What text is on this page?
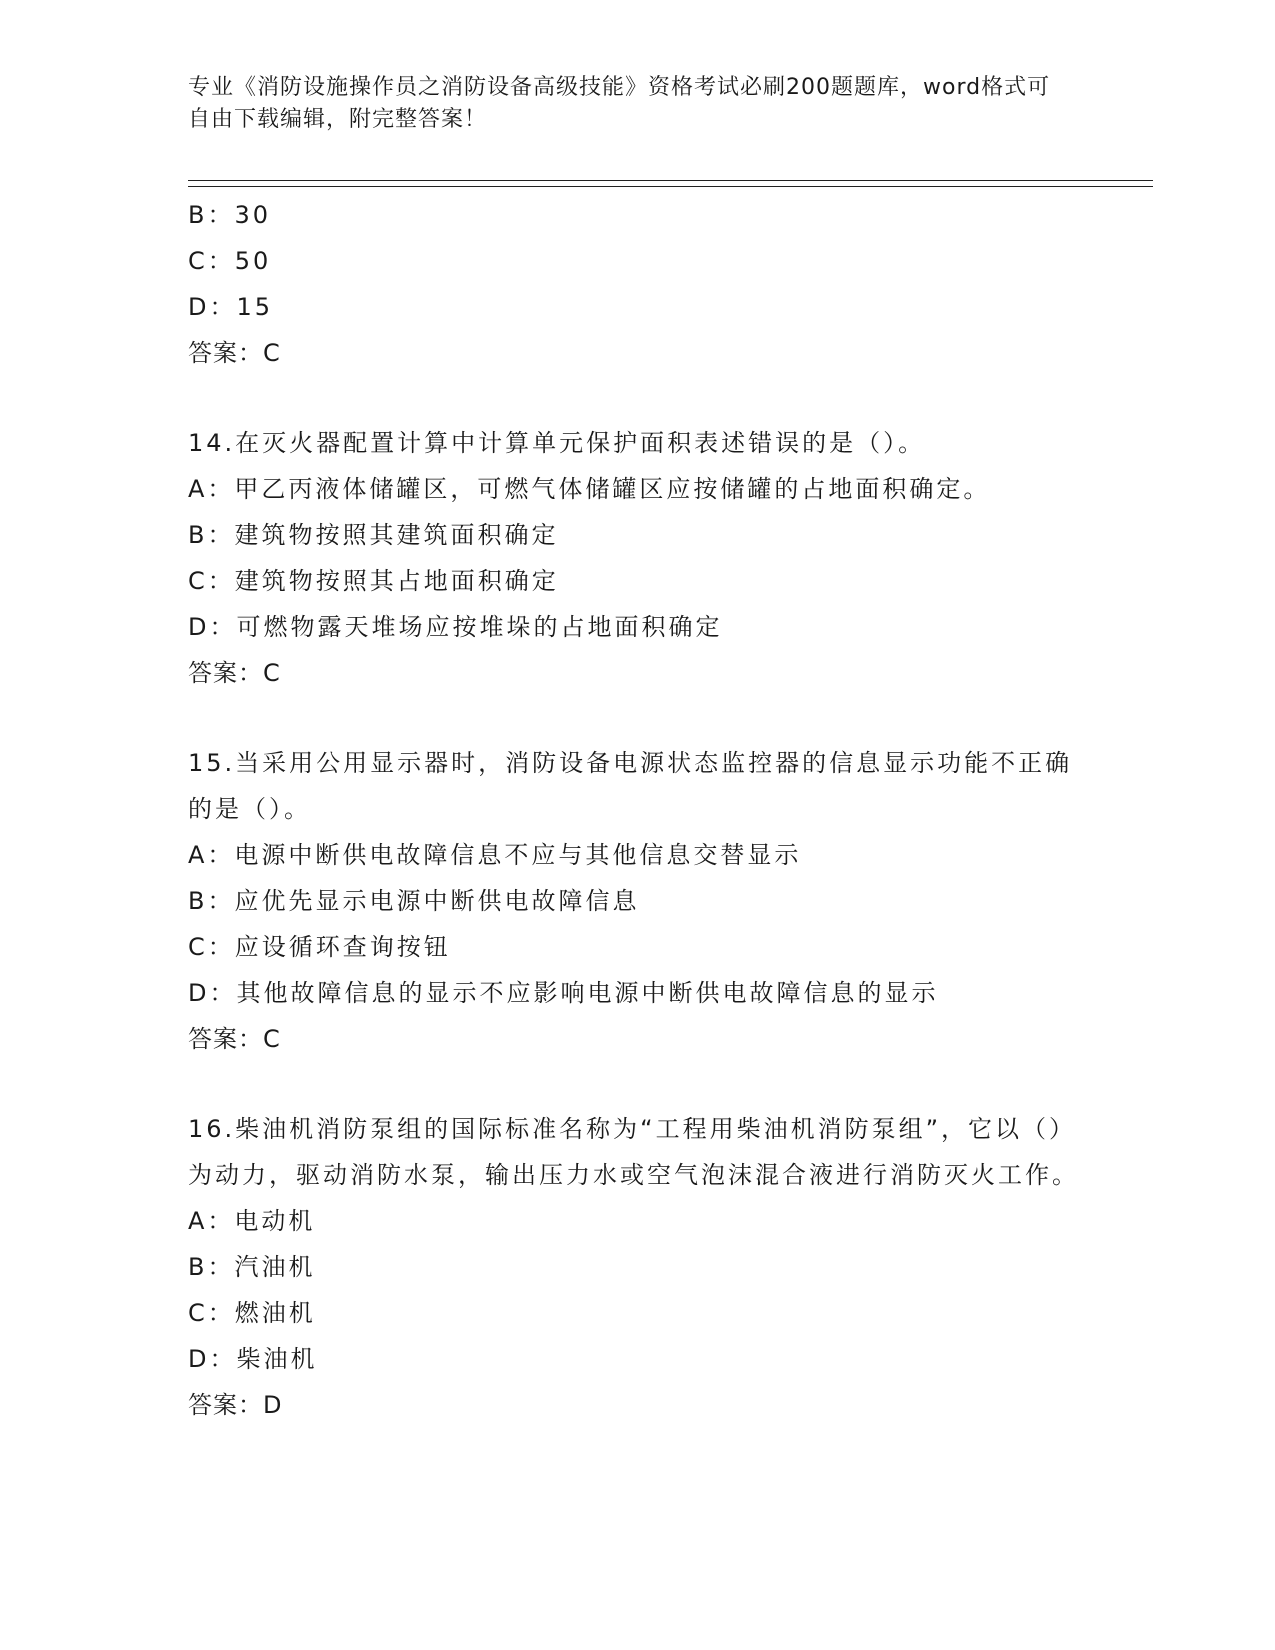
专业《消防设施操作员之消防设备高级技能》资格考试必刷200题题库，word格式可自由下载编辑，附完整答案！
B：30
C：50
D：15
答案：C
14.在灭火器配置计算中计算单元保护面积表述错误的是（）。
A：甲乙丙液体储罐区，可燃气体储罐区应按储罐的占地面积确定。
B：建筑物按照其建筑面积确定
C：建筑物按照其占地面积确定
D：可燃物露天堆场应按堆垛的占地面积确定
答案：C
15.当采用公用显示器时，消防设备电源状态监控器的信息显示功能不正确的是（）。
A：电源中断供电故障信息不应与其他信息交替显示
B：应优先显示电源中断供电故障信息
C：应设循环查询按钮
D：其他故障信息的显示不应影响电源中断供电故障信息的显示
答案：C
16.柴油机消防泵组的国际标准名称为“工程用柴油机消防泵组”，它以（）为动力，驱动消防水泵，输出压力水或空气泡沫混合液进行消防灭火工作。
A：电动机
B：汽油机
C：燃油机
D：柴油机
答案：D
